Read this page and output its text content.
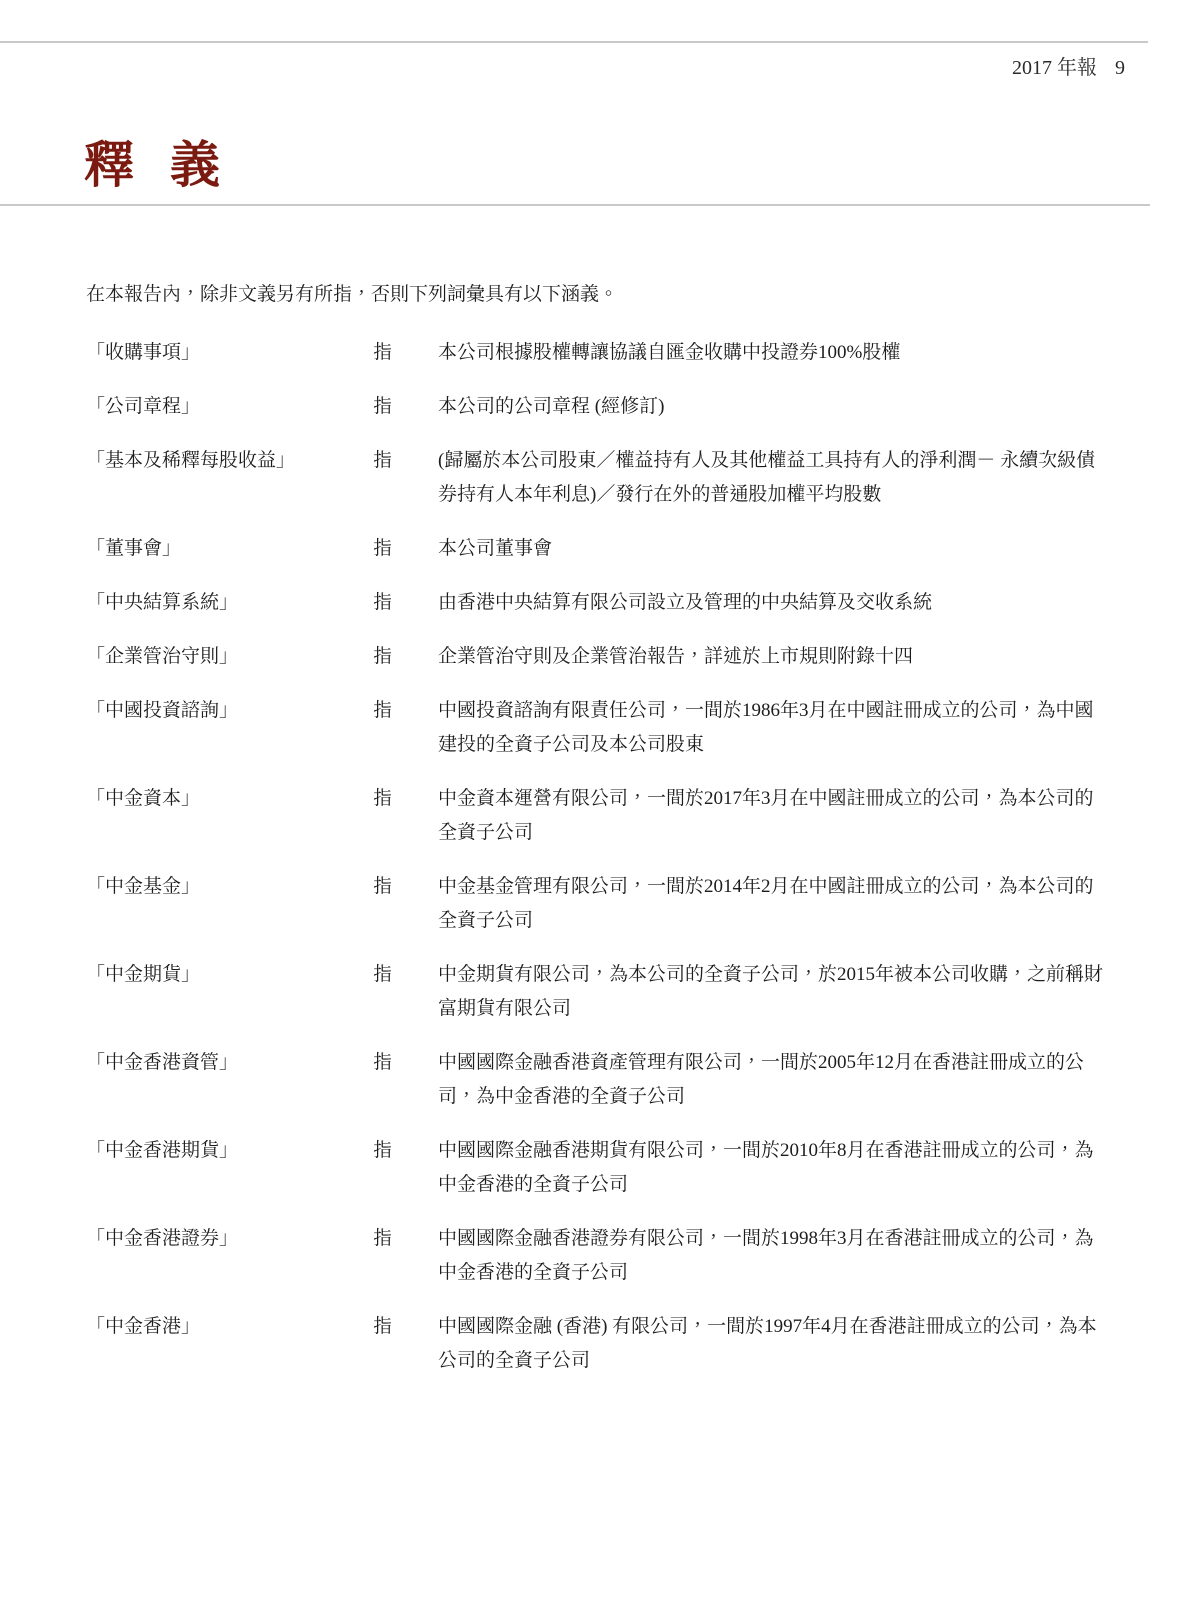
2017 年報 9
釋 義

在本報告內，除非文義另有所指，否則下列詞彙具有以下涵義。

「收購事項」	指	本公司根據股權轉讓協議自匯金收購中投證券100%股權
「公司章程」	指	本公司的公司章程 (經修訂)
「基本及稀釋每股收益」	指	(歸屬於本公司股東／權益持有人及其他權益工具持有人的淨利潤－ 永續次級債券持有人本年利息)／發行在外的普通股加權平均股數
「董事會」	指	本公司董事會
「中央結算系統」	指	由香港中央結算有限公司設立及管理的中央結算及交收系統
「企業管治守則」	指	企業管治守則及企業管治報告，詳述於上市規則附錄十四
「中國投資諮詢」	指	中國投資諮詢有限責任公司，一間於1986年3月在中國註冊成立的公司，為中國建投的全資子公司及本公司股東
「中金資本」	指	中金資本運營有限公司，一間於2017年3月在中國註冊成立的公司，為本公司的全資子公司
「中金基金」	指	中金基金管理有限公司，一間於2014年2月在中國註冊成立的公司，為本公司的全資子公司
「中金期貨」	指	中金期貨有限公司，為本公司的全資子公司，於2015年被本公司收購，之前稱財富期貨有限公司
「中金香港資管」	指	中國國際金融香港資產管理有限公司，一間於2005年12月在香港註冊成立的公司，為中金香港的全資子公司
「中金香港期貨」	指	中國國際金融香港期貨有限公司，一間於2010年8月在香港註冊成立的公司，為中金香港的全資子公司
「中金香港證券」	指	中國國際金融香港證券有限公司，一間於1998年3月在香港註冊成立的公司，為中金香港的全資子公司
「中金香港」	指	中國國際金融 (香港) 有限公司，一間於1997年4月在香港註冊成立的公司，為本公司的全資子公司
